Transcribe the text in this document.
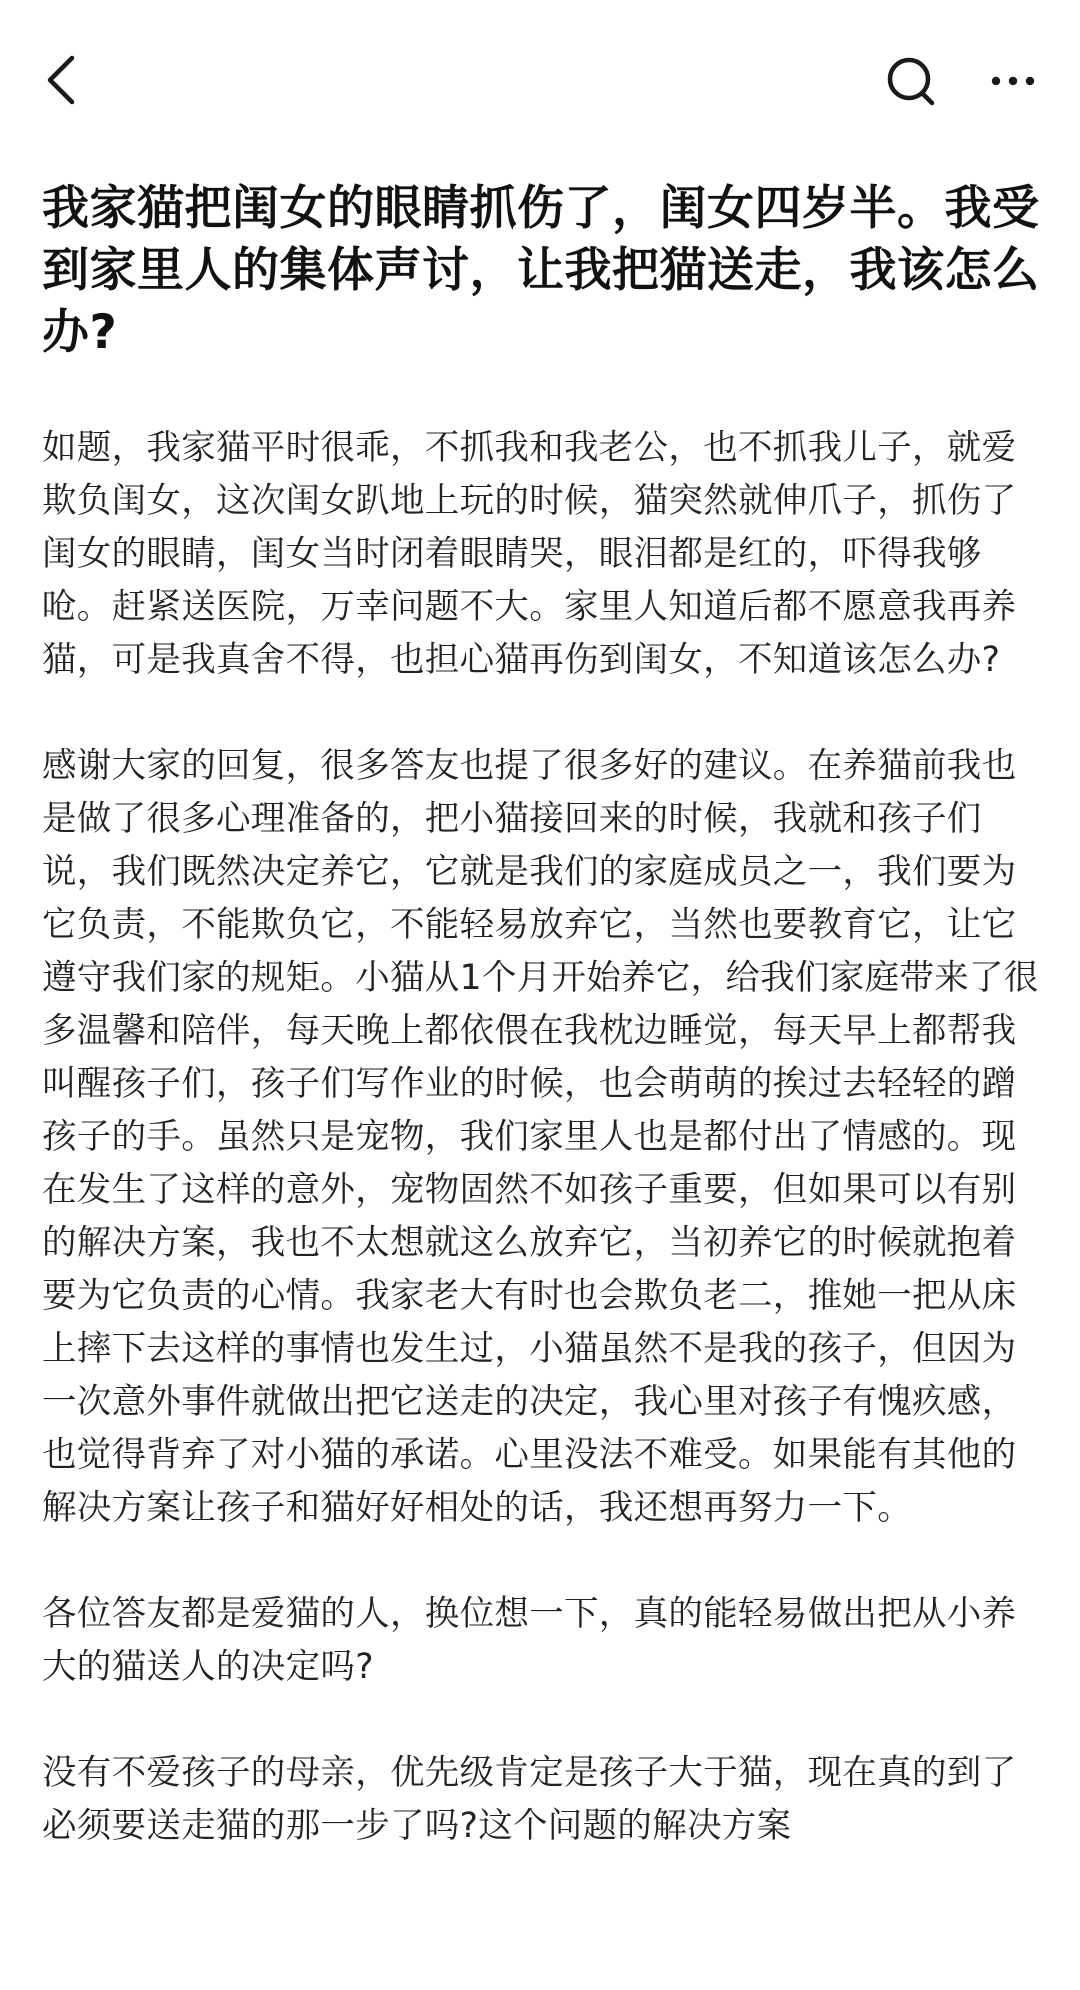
我家猫把闺女的眼睛抓伤了，闺女四岁半。我受到家里人的集体声讨，让我把猫送走，我该怎么办?

如题，我家猫平时很乖，不抓我和我老公，也不抓我儿子，就爱欺负闺女，这次闺女趴地上玩的时候，猫突然就伸爪子，抓伤了闺女的眼睛，闺女当时闭着眼睛哭，眼泪都是红的，吓得我够呛。赶紧送医院，万幸问题不大。家里人知道后都不愿意我再养猫，可是我真舍不得，也担心猫再伤到闺女，不知道该怎么办?

感谢大家的回复，很多答友也提了很多好的建议。在养猫前我也是做了很多心理准备的，把小猫接回来的时候，我就和孩子们说，我们既然决定养它，它就是我们的家庭成员之一，我们要为它负责，不能欺负它，不能轻易放弃它，当然也要教育它，让它遵守我们家的规矩。小猫从1个月开始养它，给我们家庭带来了很多温馨和陪伴，每天晚上都依偎在我枕边睡觉，每天早上都帮我叫醒孩子们，孩子们写作业的时候，也会萌萌的挨过去轻轻的蹭孩子的手。虽然只是宠物，我们家里人也是都付出了情感的。现在发生了这样的意外，宠物固然不如孩子重要，但如果可以有别的解决方案，我也不太想就这么放弃它，当初养它的时候就抱着要为它负责的心情。我家老大有时也会欺负老二，推她一把从床上摔下去这样的事情也发生过，小猫虽然不是我的孩子，但因为一次意外事件就做出把它送走的决定，我心里对孩子有愧疚感，也觉得背弃了对小猫的承诺。心里没法不难受。如果能有其他的解决方案让孩子和猫好好相处的话，我还想再努力一下。

各位答友都是爱猫的人，换位想一下，真的能轻易做出把从小养大的猫送人的决定吗?

没有不爱孩子的母亲，优先级肯定是孩子大于猫，现在真的到了必须要送走猫的那一步了吗?这个问题的解决方案
